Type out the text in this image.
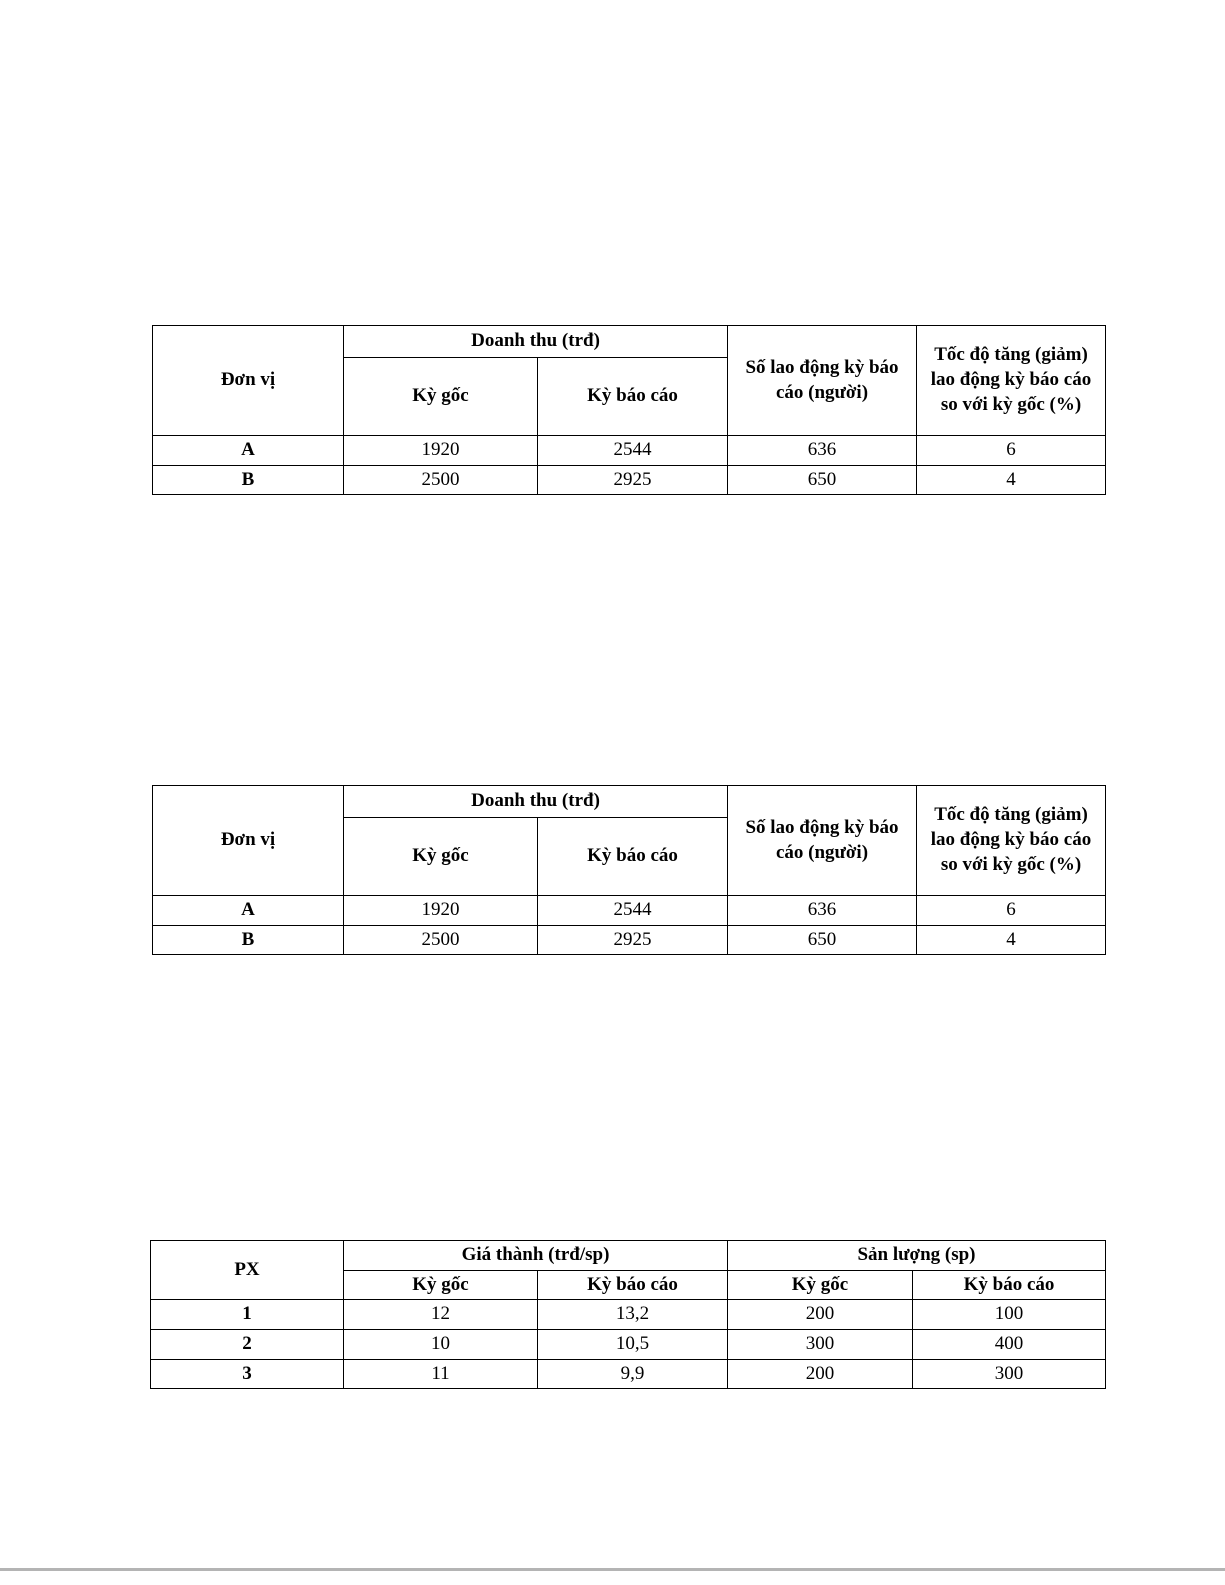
Đơn vị	Doanh thu (trđ)		Số lao động kỳ báo cáo (người)	Tốc độ tăng (giảm) lao động kỳ báo cáo so với kỳ gốc (%)
	Kỳ gốc	Kỳ báo cáo		
A	1920	2544	636	6
B	2500	2925	650	4
Đơn vị	Doanh thu (trđ)		Số lao động kỳ báo cáo (người)	Tốc độ tăng (giảm) lao động kỳ báo cáo so với kỳ gốc (%)
	Kỳ gốc	Kỳ báo cáo		
A	1920	2544	636	6
B	2500	2925	650	4
PX	Giá thành (trđ/sp)		Sản lượng (sp)	
	Kỳ gốc	Kỳ báo cáo	Kỳ gốc	Kỳ báo cáo
1	12	13,2	200	100
2	10	10,5	300	400
3	11	9,9	200	300
